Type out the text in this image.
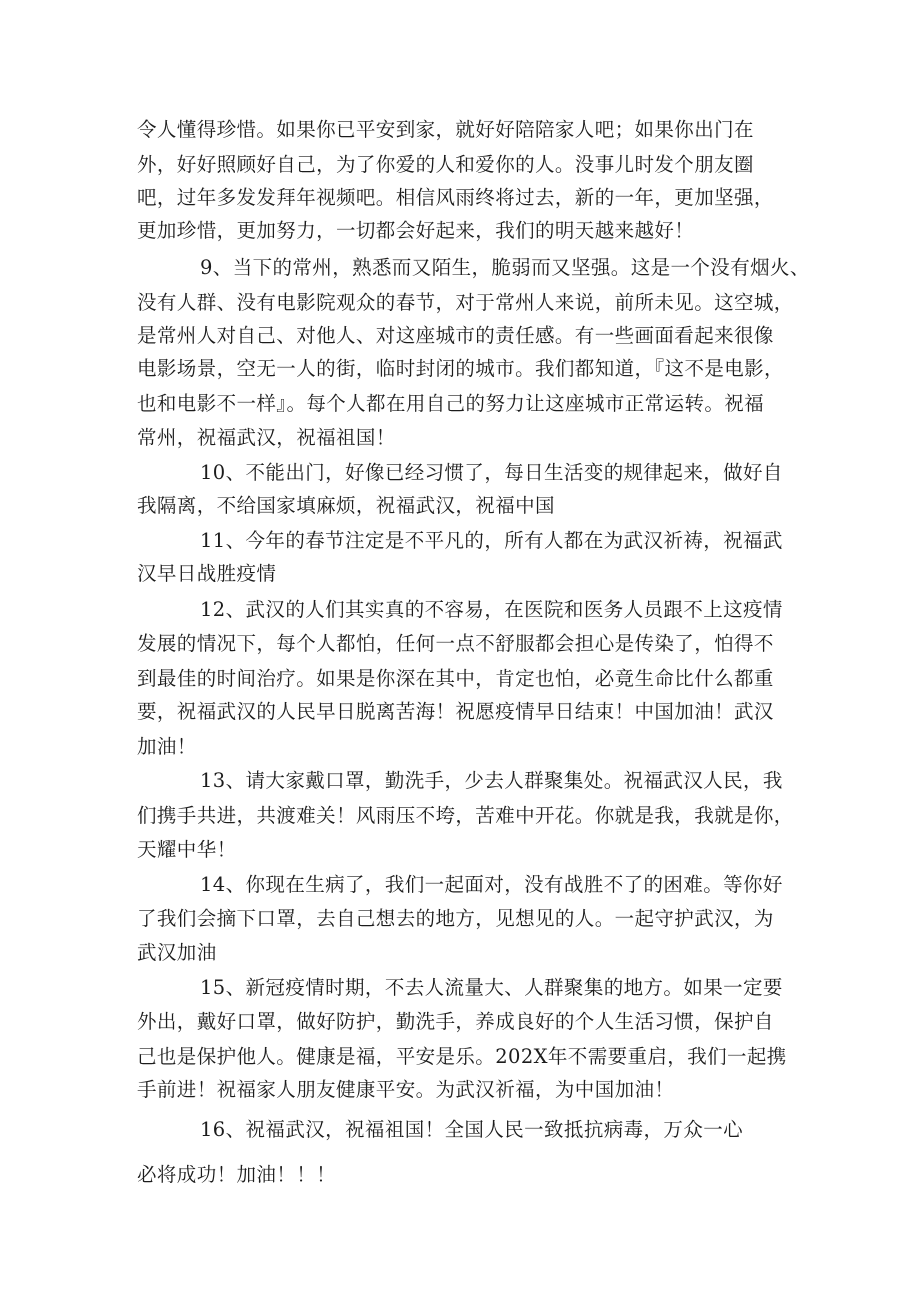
令人懂得珍惜。如果你已平安到家，就好好陪陪家人吧；如果你出门在
外，好好照顾好自己，为了你爱的人和爱你的人。没事儿时发个朋友圈
吧，过年多发发拜年视频吧。相信风雨终将过去，新的一年，更加坚强，
更加珍惜，更加努力，一切都会好起来，我们的明天越来越好！
9、当下的常州，熟悉而又陌生，脆弱而又坚强。这是一个没有烟火、
没有人群、没有电影院观众的春节，对于常州人来说，前所未见。这空城，
是常州人对自己、对他人、对这座城市的责任感。有一些画面看起来很像
电影场景，空无一人的街，临时封闭的城市。我们都知道，『这不是电影，
也和电影不一样』。每个人都在用自己的努力让这座城市正常运转。祝福
常州，祝福武汉，祝福祖国！
10、不能出门，好像已经习惯了，每日生活变的规律起来，做好自
我隔离，不给国家填麻烦，祝福武汉，祝福中国
11、今年的春节注定是不平凡的，所有人都在为武汉祈祷，祝福武
汉早日战胜疫情
12、武汉的人们其实真的不容易，在医院和医务人员跟不上这疫情
发展的情况下，每个人都怕，任何一点不舒服都会担心是传染了，怕得不
到最佳的时间治疗。如果是你深在其中，肯定也怕，必竟生命比什么都重
要，祝福武汉的人民早日脱离苦海！祝愿疫情早日结束！中国加油！武汉
加油！
13、请大家戴口罩，勤洗手，少去人群聚集处。祝福武汉人民，我
们携手共进，共渡难关！风雨压不垮，苦难中开花。你就是我，我就是你，
天耀中华！
14、你现在生病了，我们一起面对，没有战胜不了的困难。等你好
了我们会摘下口罩，去自己想去的地方，见想见的人。一起守护武汉，为
武汉加油
15、新冠疫情时期，不去人流量大、人群聚集的地方。如果一定要
外出，戴好口罩，做好防护，勤洗手，养成良好的个人生活习惯，保护自
己也是保护他人。健康是福，平安是乐。202X年不需要重启，我们一起携
手前进！祝福家人朋友健康平安。为武汉祈福，为中国加油！
16、祝福武汉，祝福祖国！全国人民一致抵抗病毒，万众一心
必将成功！加油！！！
